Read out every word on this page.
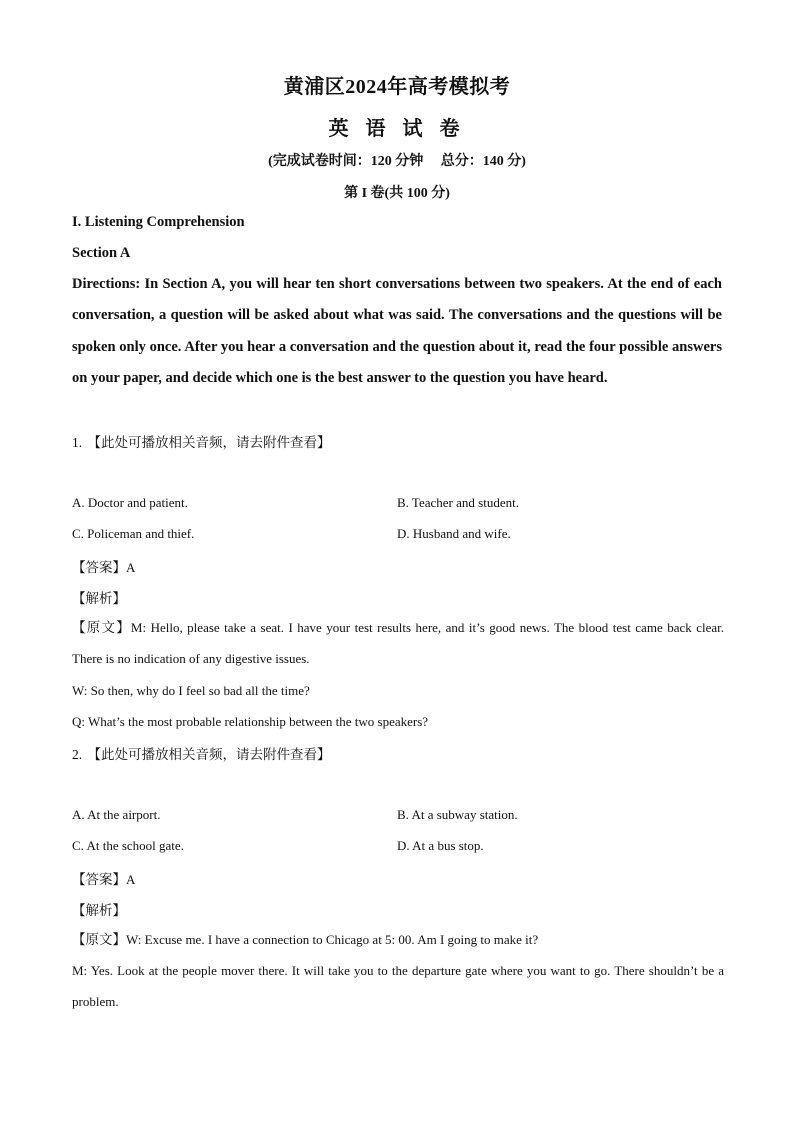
黄浦区2024年高考模拟考
英 语 试 卷
(完成试卷时间：120 分钟     总分：140 分)
第 I 卷(共 100 分)
I. Listening Comprehension
Section A
Directions: In Section A, you will hear ten short conversations between two speakers. At the end of each conversation, a question will be asked about what was said. The conversations and the questions will be spoken only once. After you hear a conversation and the question about it, read the four possible answers on your paper, and decide which one is the best answer to the question you have heard.
1. 【此处可播放相关音频，请去附件查看】
A. Doctor and patient.	B. Teacher and student.
C. Policeman and thief.	D. Husband and wife.
【答案】A
【解析】
【原文】M: Hello, please take a seat. I have your test results here, and it’s good news. The blood test came back clear. There is no indication of any digestive issues.
W: So then, why do I feel so bad all the time?
Q: What’s the most probable relationship between the two speakers?
2. 【此处可播放相关音频，请去附件查看】
A. At the airport.	B. At a subway station.
C. At the school gate.	D. At a bus stop.
【答案】A
【解析】
【原文】W: Excuse me. I have a connection to Chicago at 5: 00. Am I going to make it?
M: Yes. Look at the people mover there. It will take you to the departure gate where you want to go. There shouldn’t be a problem.
